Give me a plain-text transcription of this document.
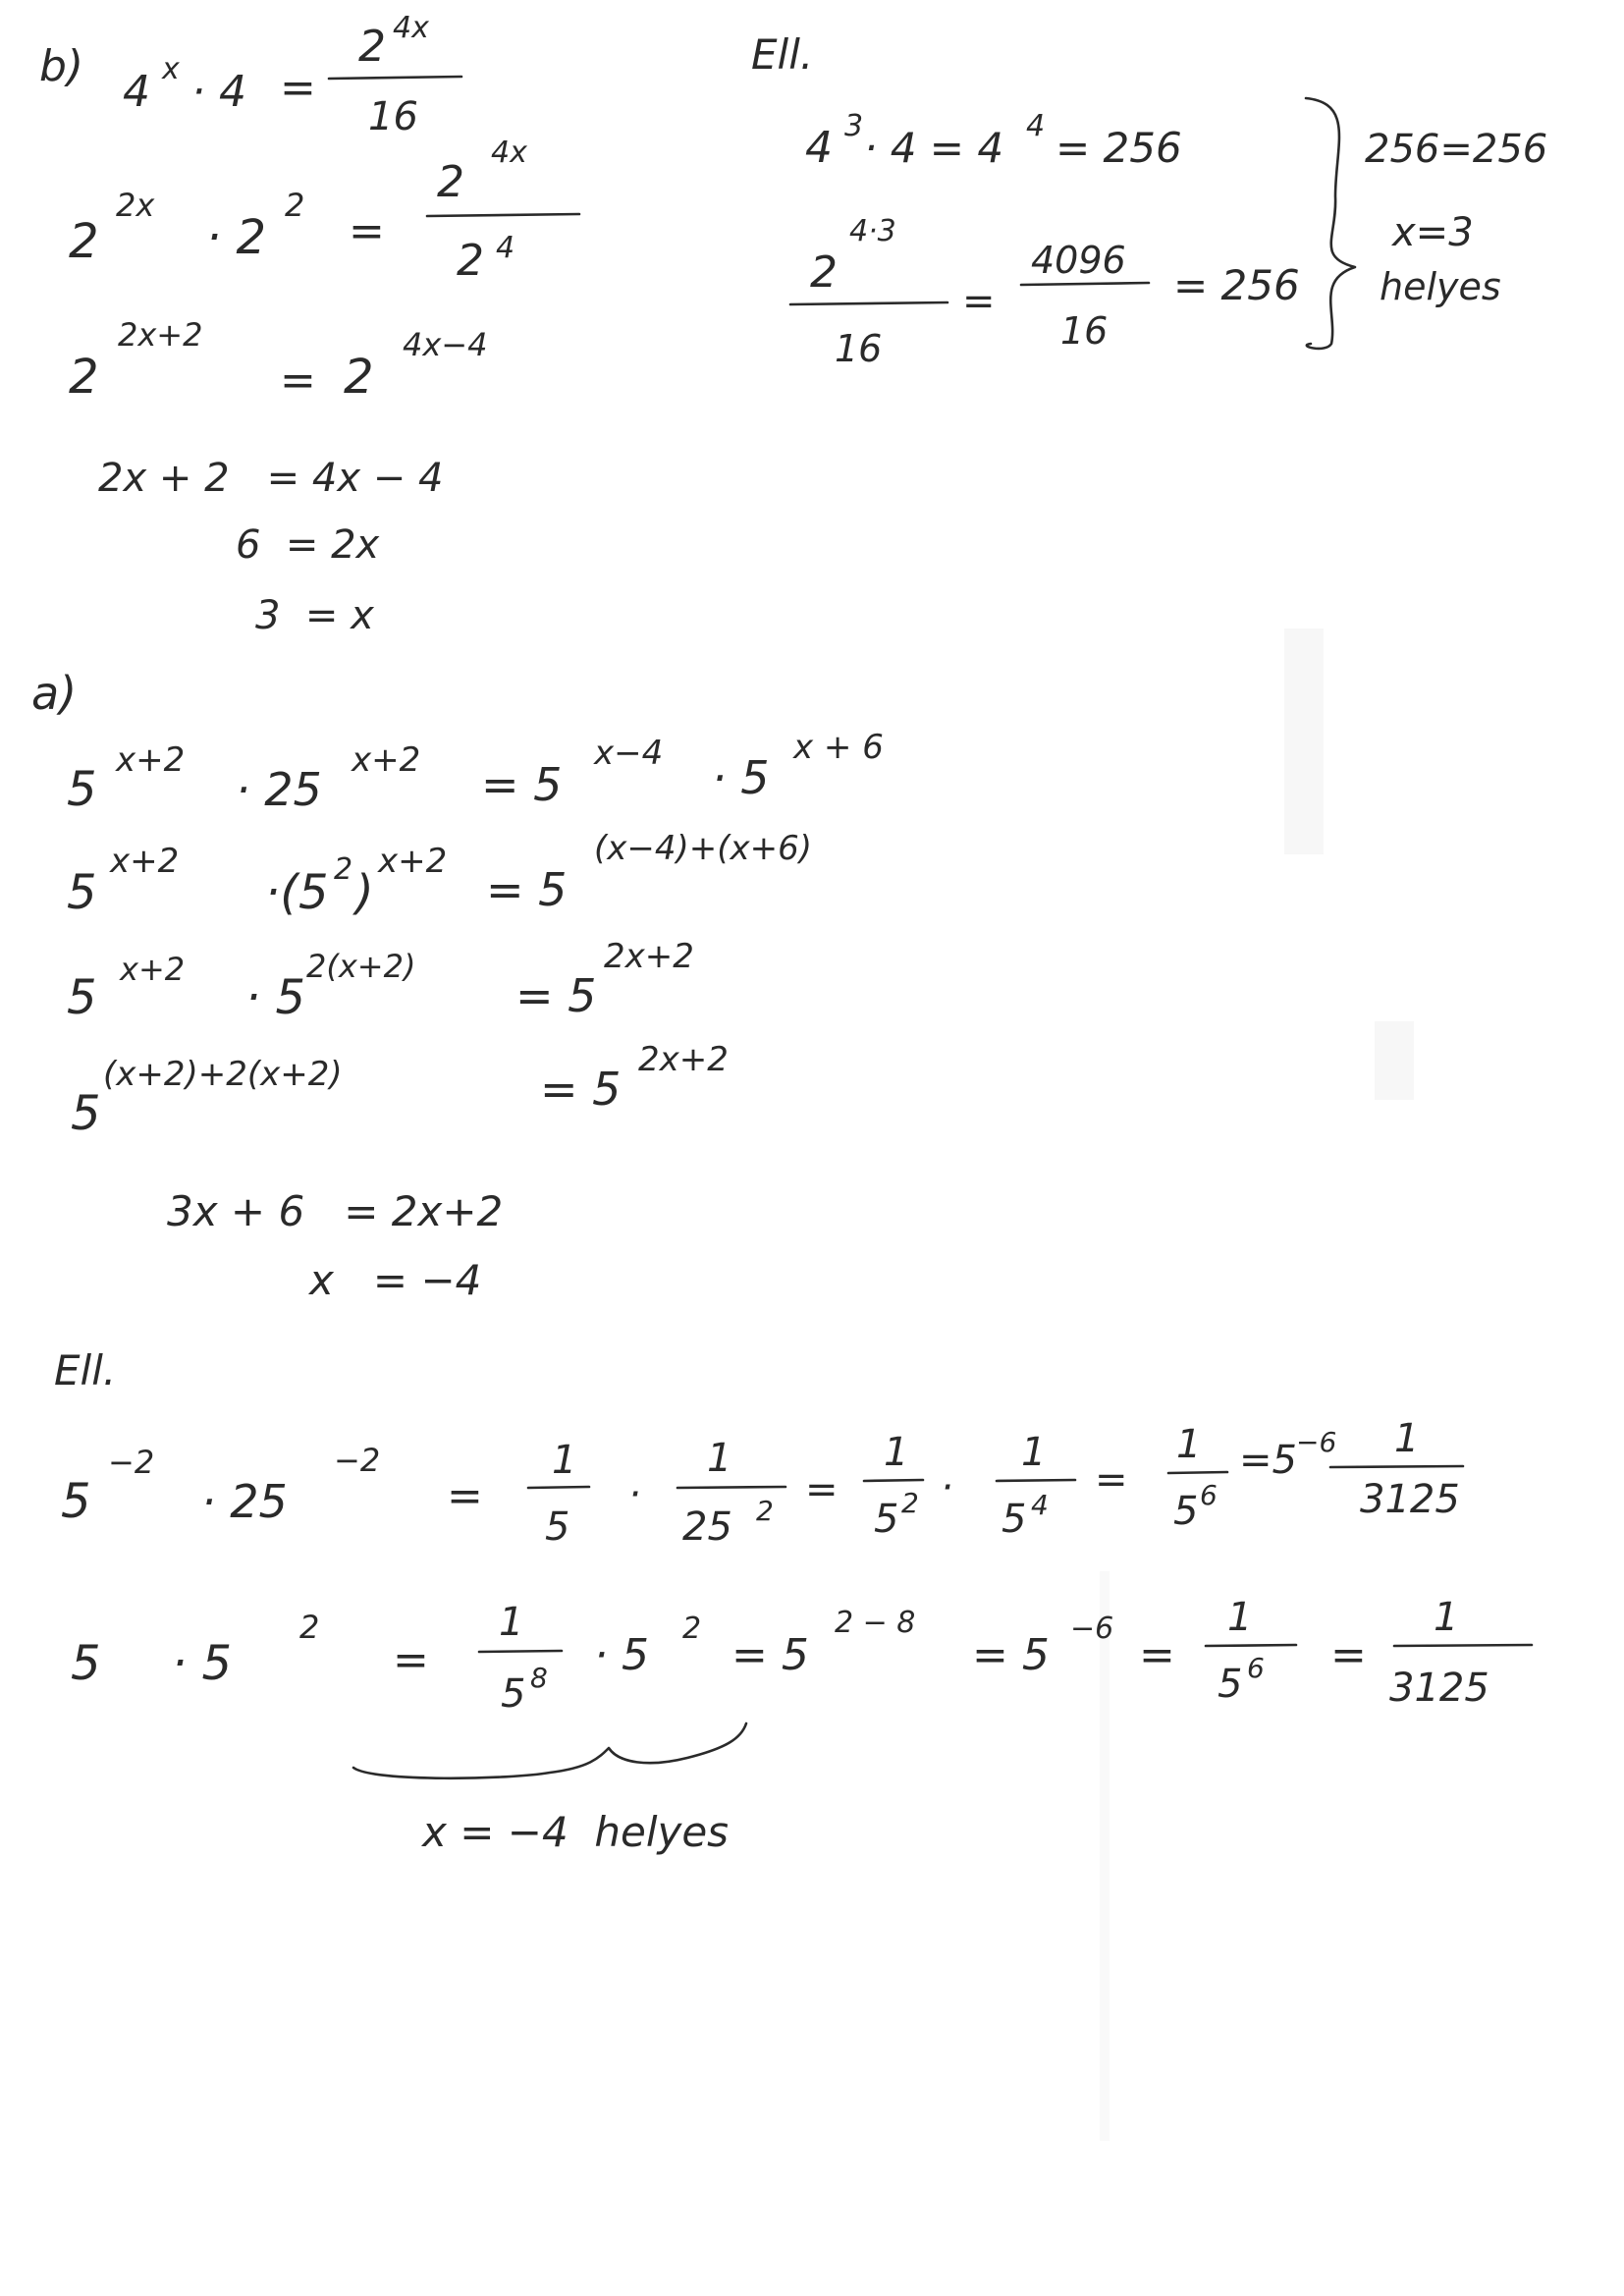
b)
4 x · 4 =
2 4x
16
2
2x
· 2
2
=
2
4x
2 4
2
2x+2
= 2
4x−4
2x + 2   = 4x − 4
6  = 2x
3  = x
Ell.
4 3 · 4 = 4 4 = 256
2
4·3
16
=
4096
16
= 256
256=256
x=3
helyes
a)
5
x+2
· 25
x+2 = 5
x−4 · 5
x + 6
5
x+2
·(5 2 )
x+2
= 5
(x−4)+(x+6)
5
x+2
· 5
2(x+2)
= 5
2x+2
5
(x+2)+2(x+2)	= 5
2x+2
3x + 6   = 2x+2
x   = −4
Ell.
5
−2
· 25
−2
=
1
5
·
1
25 2 =
1
5 2 ·
1
5 4
=
1
5 6
=5 −6 1
3125
5 · 5
2
=
1
5 8 · 5
2
= 5
2 − 8
= 5
−6
=
1
5 6 =
1
3125
x = −4  helyes
